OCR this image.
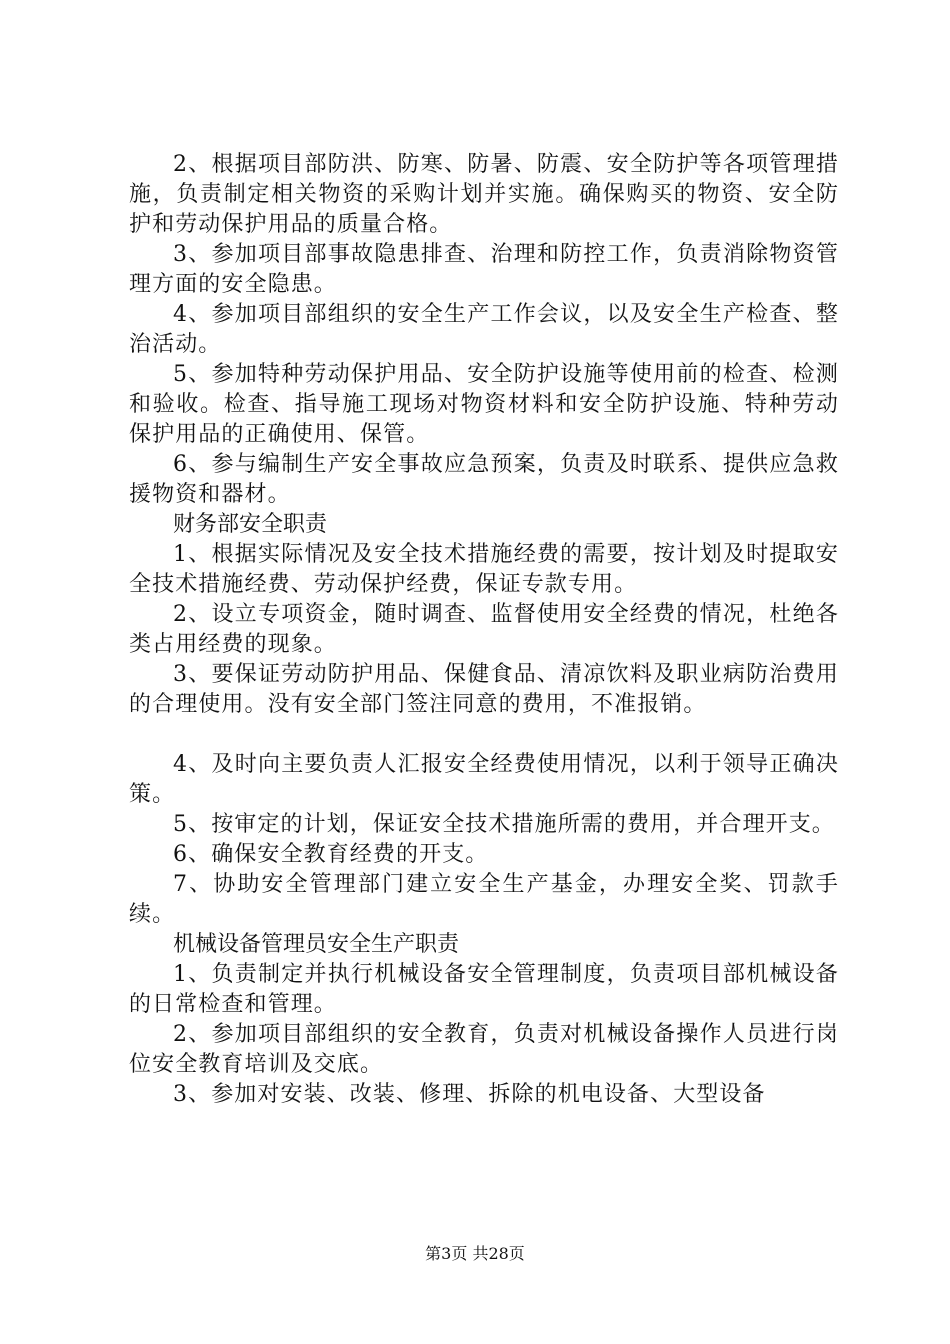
2、根据项目部防洪、防寒、防暑、防震、安全防护等各项管理措施，负责制定相关物资的采购计划并实施。确保购买的物资、安全防护和劳动保护用品的质量合格。

3、参加项目部事故隐患排查、治理和防控工作，负责消除物资管理方面的安全隐患。

4、参加项目部组织的安全生产工作会议，以及安全生产检查、整治活动。

5、参加特种劳动保护用品、安全防护设施等使用前的检查、检测和验收。检查、指导施工现场对物资材料和安全防护设施、特种劳动保护用品的正确使用、保管。

6、参与编制生产安全事故应急预案，负责及时联系、提供应急救援物资和器材。

财务部安全职责

1、根据实际情况及安全技术措施经费的需要，按计划及时提取安全技术措施经费、劳动保护经费，保证专款专用。

2、设立专项资金，随时调查、监督使用安全经费的情况，杜绝各类占用经费的现象。

3、要保证劳动防护用品、保健食品、清凉饮料及职业病防治费用的合理使用。没有安全部门签注同意的费用，不准报销。

4、及时向主要负责人汇报安全经费使用情况，以利于领导正确决策。

5、按审定的计划，保证安全技术措施所需的费用，并合理开支。

6、确保安全教育经费的开支。

7、协助安全管理部门建立安全生产基金，办理安全奖、罚款手续。

机械设备管理员安全生产职责

1、负责制定并执行机械设备安全管理制度，负责项目部机械设备的日常检查和管理。

2、参加项目部组织的安全教育，负责对机械设备操作人员进行岗位安全教育培训及交底。

3、参加对安装、改装、修理、拆除的机电设备、大型设备

第3页 共28页
